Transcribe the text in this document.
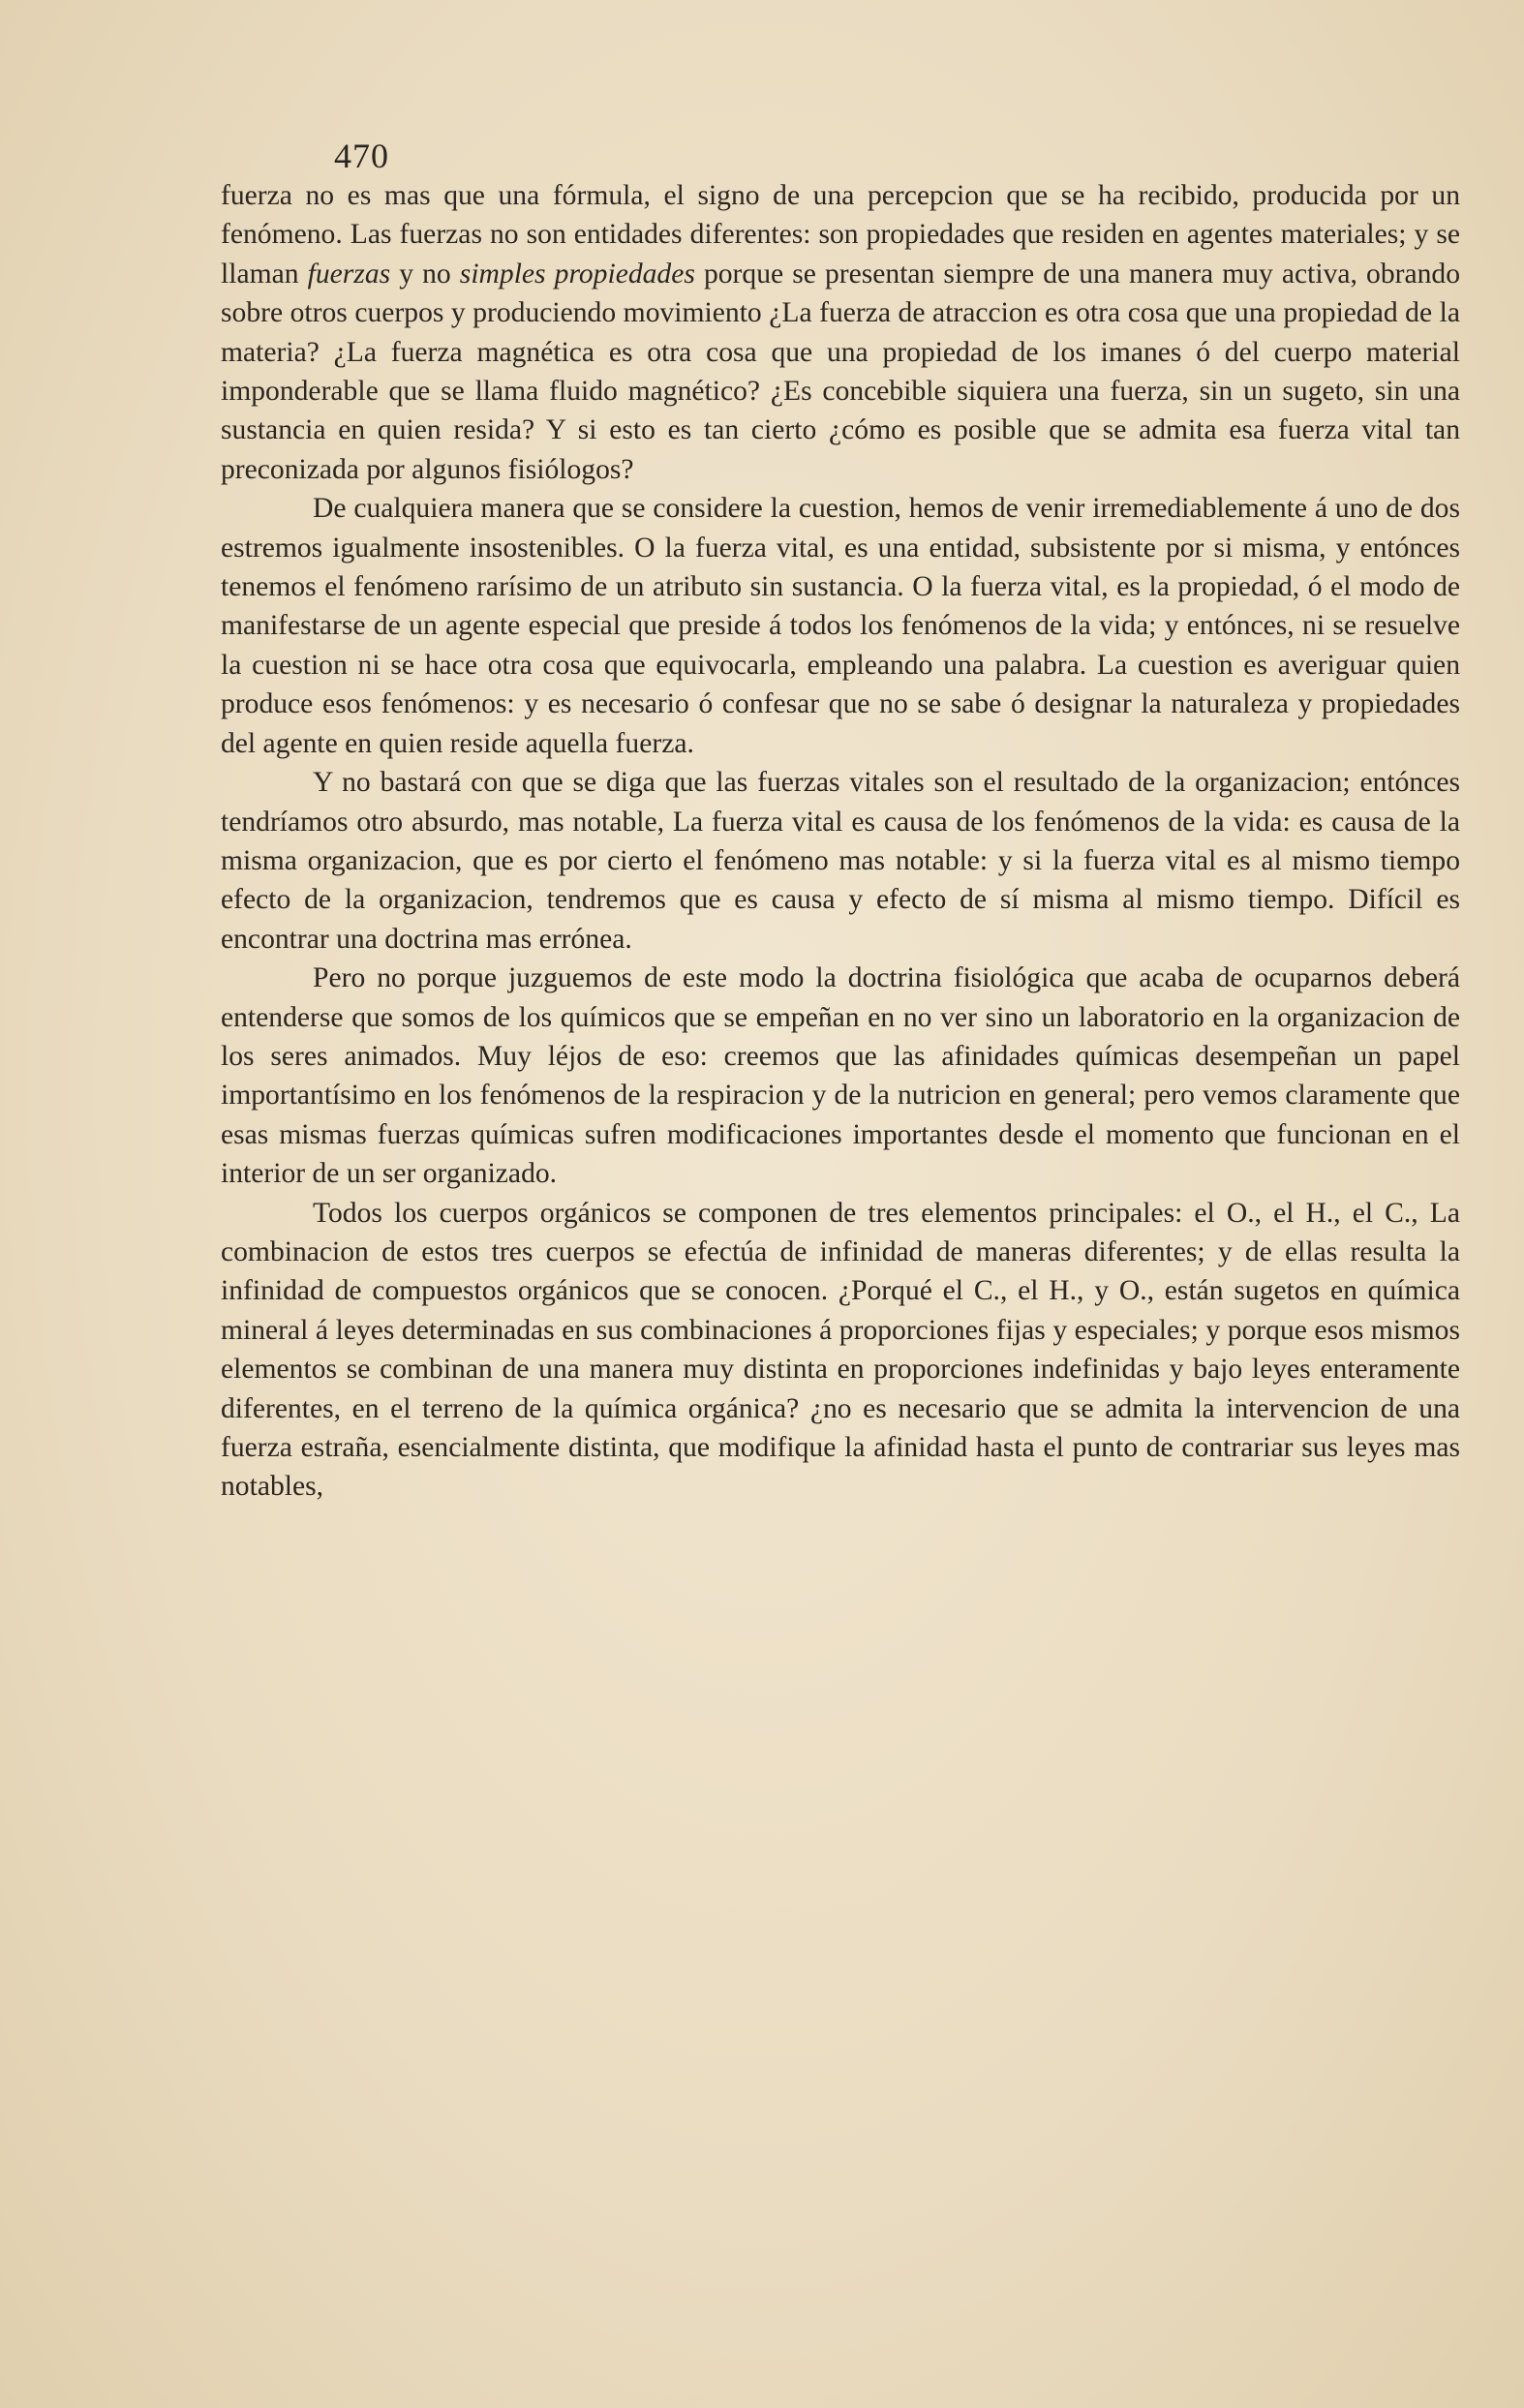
470

fuerza no es mas que una fórmula, el signo de una percepcion que se ha recibido, producida por un fenómeno. Las fuerzas no son entidades diferentes: son propiedades que residen en agentes materiales; y se llaman fuerzas y no simples propiedades porque se presentan siempre de una manera muy activa, obrando sobre otros cuerpos y produciendo movimiento ¿La fuerza de atraccion es otra cosa que una propiedad de la materia? ¿La fuerza magnética es otra cosa que una propiedad de los imanes ó del cuerpo material imponderable que se llama fluido magnético? ¿Es concebible siquiera una fuerza, sin un sugeto, sin una sustancia en quien resida? Y si esto es tan cierto ¿cómo es posible que se admita esa fuerza vital tan preconizada por algunos fisiólogos?

De cualquiera manera que se considere la cuestion, hemos de venir irremediablemente á uno de dos estremos igualmente insostenibles. O la fuerza vital, es una entidad, subsistente por si misma, y entónces tenemos el fenómeno rarísimo de un atributo sin sustancia. O la fuerza vital, es la propiedad, ó el modo de manifestarse de un agente especial que preside á todos los fenómenos de la vida; y entónces, ni se resuelve la cuestion ni se hace otra cosa que equivocarla, empleando una palabra. La cuestion es averiguar quien produce esos fenómenos: y es necesario ó confesar que no se sabe ó designar la naturaleza y propiedades del agente en quien reside aquella fuerza.

Y no bastará con que se diga que las fuerzas vitales son el resultado de la organizacion; entónces tendríamos otro absurdo, mas notable, La fuerza vital es causa de los fenómenos de la vida: es causa de la misma organizacion, que es por cierto el fenómeno mas notable: y si la fuerza vital es al mismo tiempo efecto de la organizacion, tendremos que es causa y efecto de sí misma al mismo tiempo. Difícil es encontrar una doctrina mas errónea.

Pero no porque juzguemos de este modo la doctrina fisiológica que acaba de ocuparnos deberá entenderse que somos de los químicos que se empeñan en no ver sino un laboratorio en la organizacion de los seres animados. Muy léjos de eso: creemos que las afinidades químicas desempeñan un papel importantísimo en los fenómenos de la respiracion y de la nutricion en general; pero vemos claramente que esas mismas fuerzas químicas sufren modificaciones importantes desde el momento que funcionan en el interior de un ser organizado.

Todos los cuerpos orgánicos se componen de tres elementos principales: el O., el H., el C., La combinacion de estos tres cuerpos se efectúa de infinidad de maneras diferentes; y de ellas resulta la infinidad de compuestos orgánicos que se conocen. ¿Porqué el C., el H., y O., están sugetos en química mineral á leyes determinadas en sus combinaciones á proporciones fijas y especiales; y porque esos mismos elementos se combinan de una manera muy distinta en proporciones indefinidas y bajo leyes enteramente diferentes, en el terreno de la química orgánica? ¿no es necesario que se admita la intervencion de una fuerza estraña, esencialmente distinta, que modifique la afinidad hasta el punto de contrariar sus leyes mas notables,
